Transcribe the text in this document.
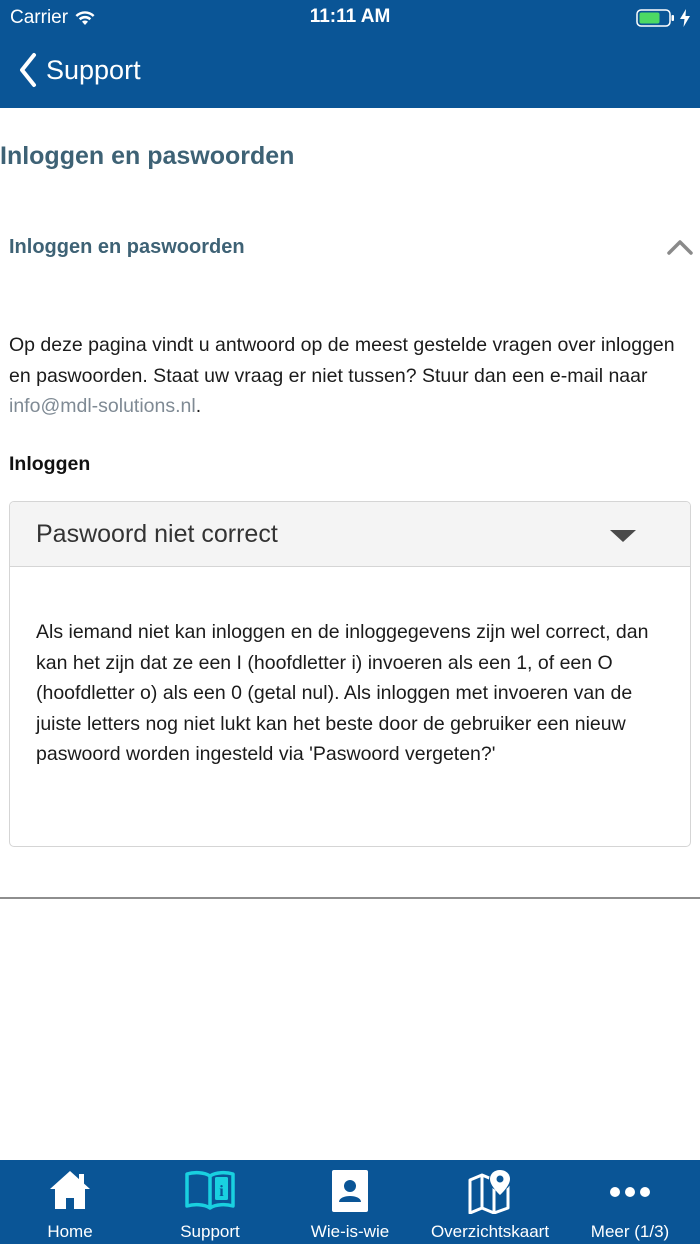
Carrier	11:11 AM
Support
Inloggen en paswoorden
Inloggen en paswoorden

Op deze pagina vindt u antwoord op de meest gestelde vragen over inloggen en paswoorden. Staat uw vraag er niet tussen? Stuur dan een e-mail naar info@mdl-solutions.nl.

Inloggen
Paswoord niet correct

Als iemand niet kan inloggen en de inloggegevens zijn wel correct, dan kan het zijn dat ze een I (hoofdletter i) invoeren als een 1, of een O (hoofdletter o) als een 0 (getal nul). Als inloggen met invoeren van de juiste letters nog niet lukt kan het beste door de gebruiker een nieuw paswoord worden ingesteld via 'Paswoord vergeten?'

Home
i
Support	Wie-is-wie	Overzichtskaart	Meer (1/3)
